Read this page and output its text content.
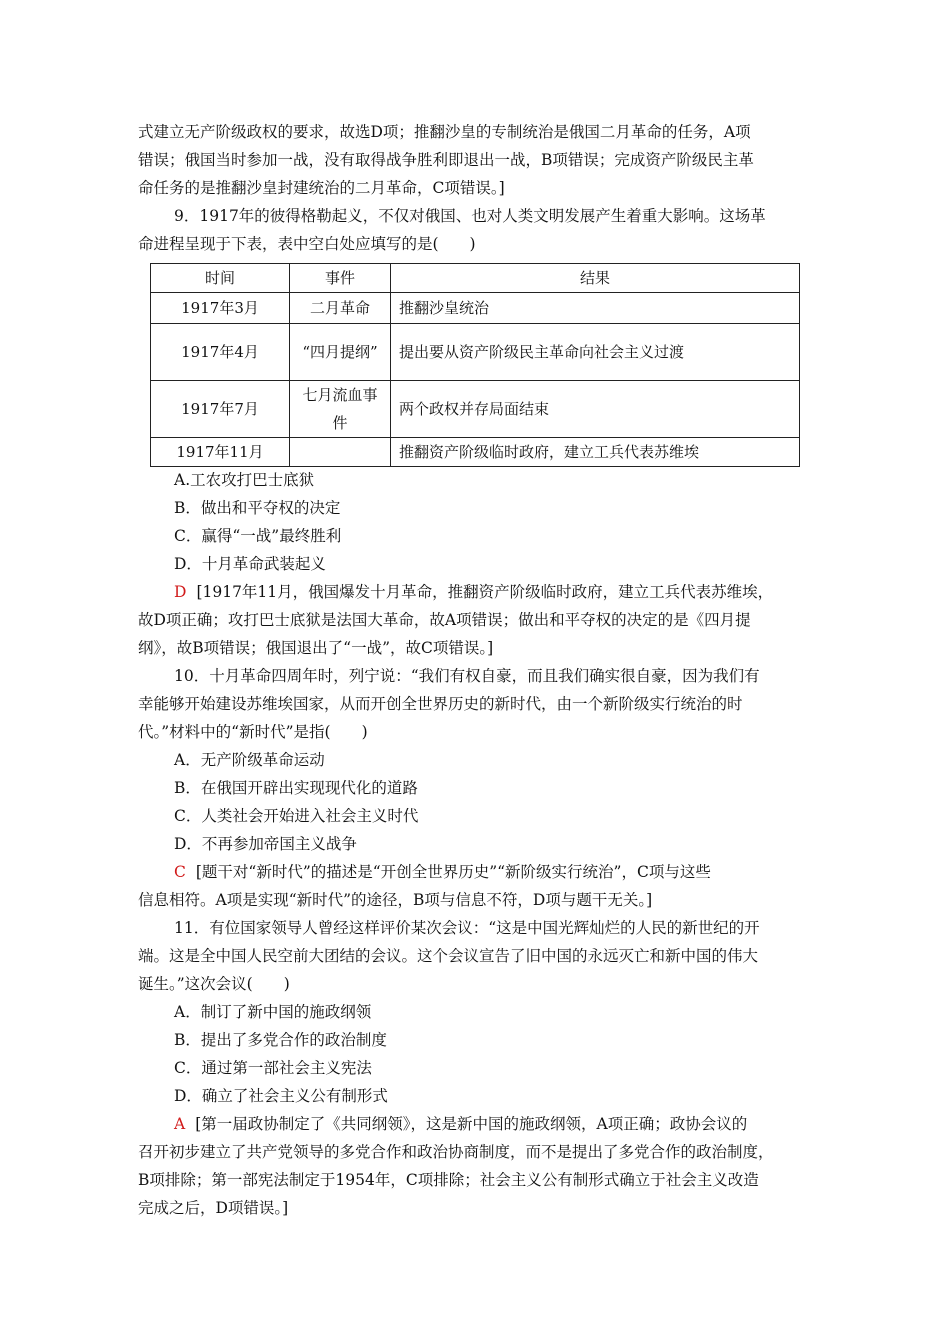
式建立无产阶级政权的要求，故选D项；推翻沙皇的专制统治是俄国二月革命的任务，A项

错误；俄国当时参加一战，没有取得战争胜利即退出一战，B项错误；完成资产阶级民主革

命任务的是推翻沙皇封建统治的二月革命，C项错误。]

9．1917年的彼得格勒起义，不仅对俄国、也对人类文明发展产生着重大影响。这场革

命进程呈现于下表，表中空白处应填写的是(　　)

时间	事件	结果
1917年3月	二月革命	推翻沙皇统治
1917年4月	“四月提纲”	提出要从资产阶级民主革命向社会主义过渡
1917年7月	七月流血事件	两个政权并存局面结束
1917年11月		推翻资产阶级临时政府，建立工兵代表苏维埃

A.工农攻打巴士底狱

B．做出和平夺权的决定

C．赢得“一战”最终胜利

D．十月革命武装起义

D [1917年11月，俄国爆发十月革命，推翻资产阶级临时政府，建立工兵代表苏维埃，

故D项正确；攻打巴士底狱是法国大革命，故A项错误；做出和平夺权的决定的是《四月提

纲》，故B项错误；俄国退出了“一战”，故C项错误。]

10．十月革命四周年时，列宁说：“我们有权自豪，而且我们确实很自豪，因为我们有

幸能够开始建设苏维埃国家，从而开创全世界历史的新时代，由一个新阶级实行统治的时

代。”材料中的“新时代”是指(　　)

A．无产阶级革命运动

B．在俄国开辟出实现现代化的道路

C．人类社会开始进入社会主义时代

D．不再参加帝国主义战争

C [题干对“新时代”的描述是“开创全世界历史”“新阶级实行统治”，C项与这些

信息相符。A项是实现“新时代”的途径，B项与信息不符，D项与题干无关。]

11．有位国家领导人曾经这样评价某次会议：“这是中国光辉灿烂的人民的新世纪的开

端。这是全中国人民空前大团结的会议。这个会议宣告了旧中国的永远灭亡和新中国的伟大

诞生。”这次会议(　　)

A．制订了新中国的施政纲领

B．提出了多党合作的政治制度

C．通过第一部社会主义宪法

D．确立了社会主义公有制形式

A [第一届政协制定了《共同纲领》，这是新中国的施政纲领，A项正确；政协会议的

召开初步建立了共产党领导的多党合作和政治协商制度，而不是提出了多党合作的政治制度，

B项排除；第一部宪法制定于1954年，C项排除；社会主义公有制形式确立于社会主义改造

完成之后，D项错误。]
